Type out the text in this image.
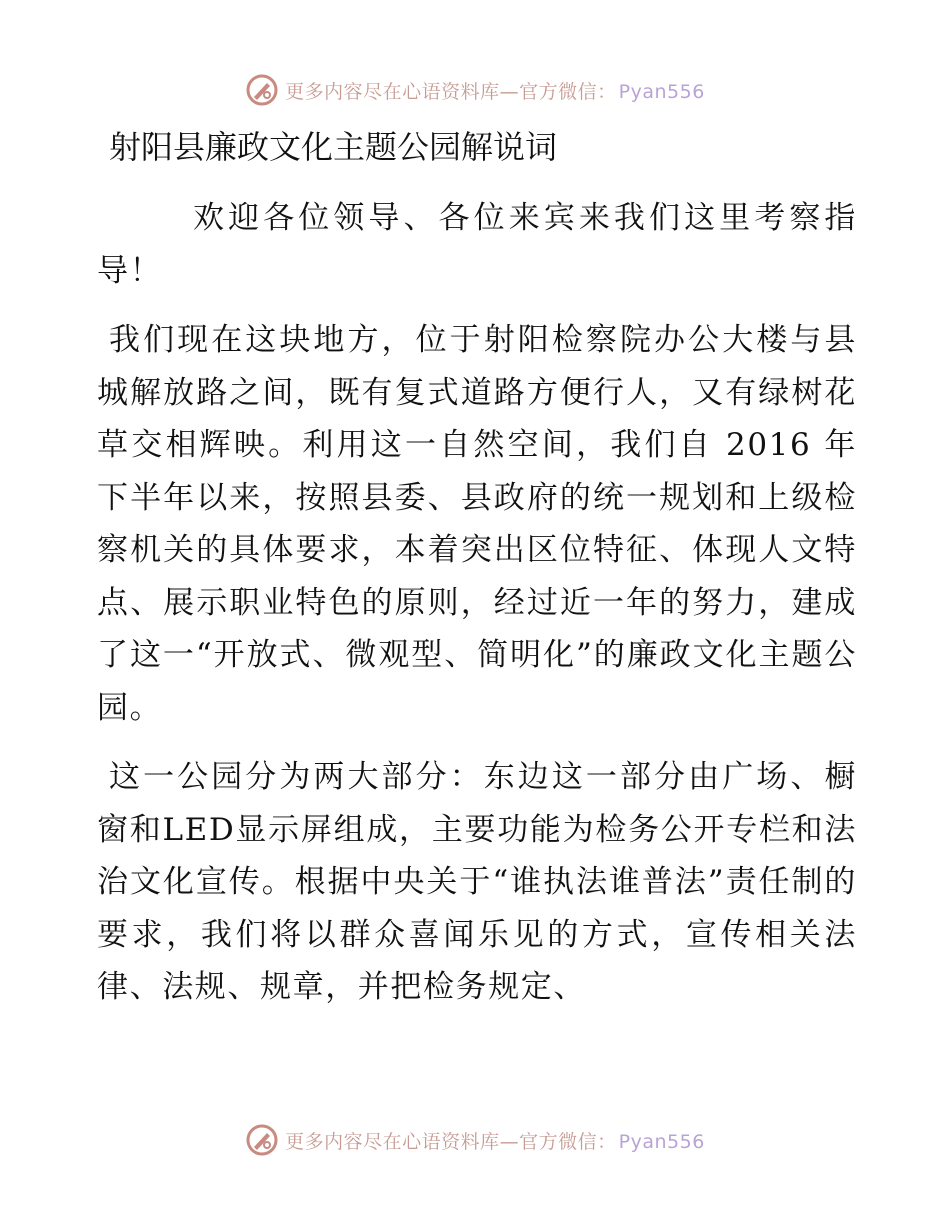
更多内容尽在心语资料库—官方微信： Pyan556
射阳县廉政文化主题公园解说词

欢迎各位领导、各位来宾来我们这里考察指导！

我们现在这块地方，位于射阳检察院办公大楼与县城解放路之间，既有复式道路方便行人，又有绿树花草交相辉映。利用这一自然空间，我们自 2016 年下半年以来，按照县委、县政府的统一规划和上级检察机关的具体要求，本着突出区位特征、体现人文特点、展示职业特色的原则，经过近一年的努力，建成了这一“开放式、微观型、简明化”的廉政文化主题公园。

这一公园分为两大部分：东边这一部分由广场、橱窗和LED显示屏组成，主要功能为检务公开专栏和法治文化宣传。根据中央关于“谁执法谁普法”责任制的要求，我们将以群众喜闻乐见的方式，宣传相关法律、法规、规章，并把检务规定、

更多内容尽在心语资料库—官方微信： Pyan556
